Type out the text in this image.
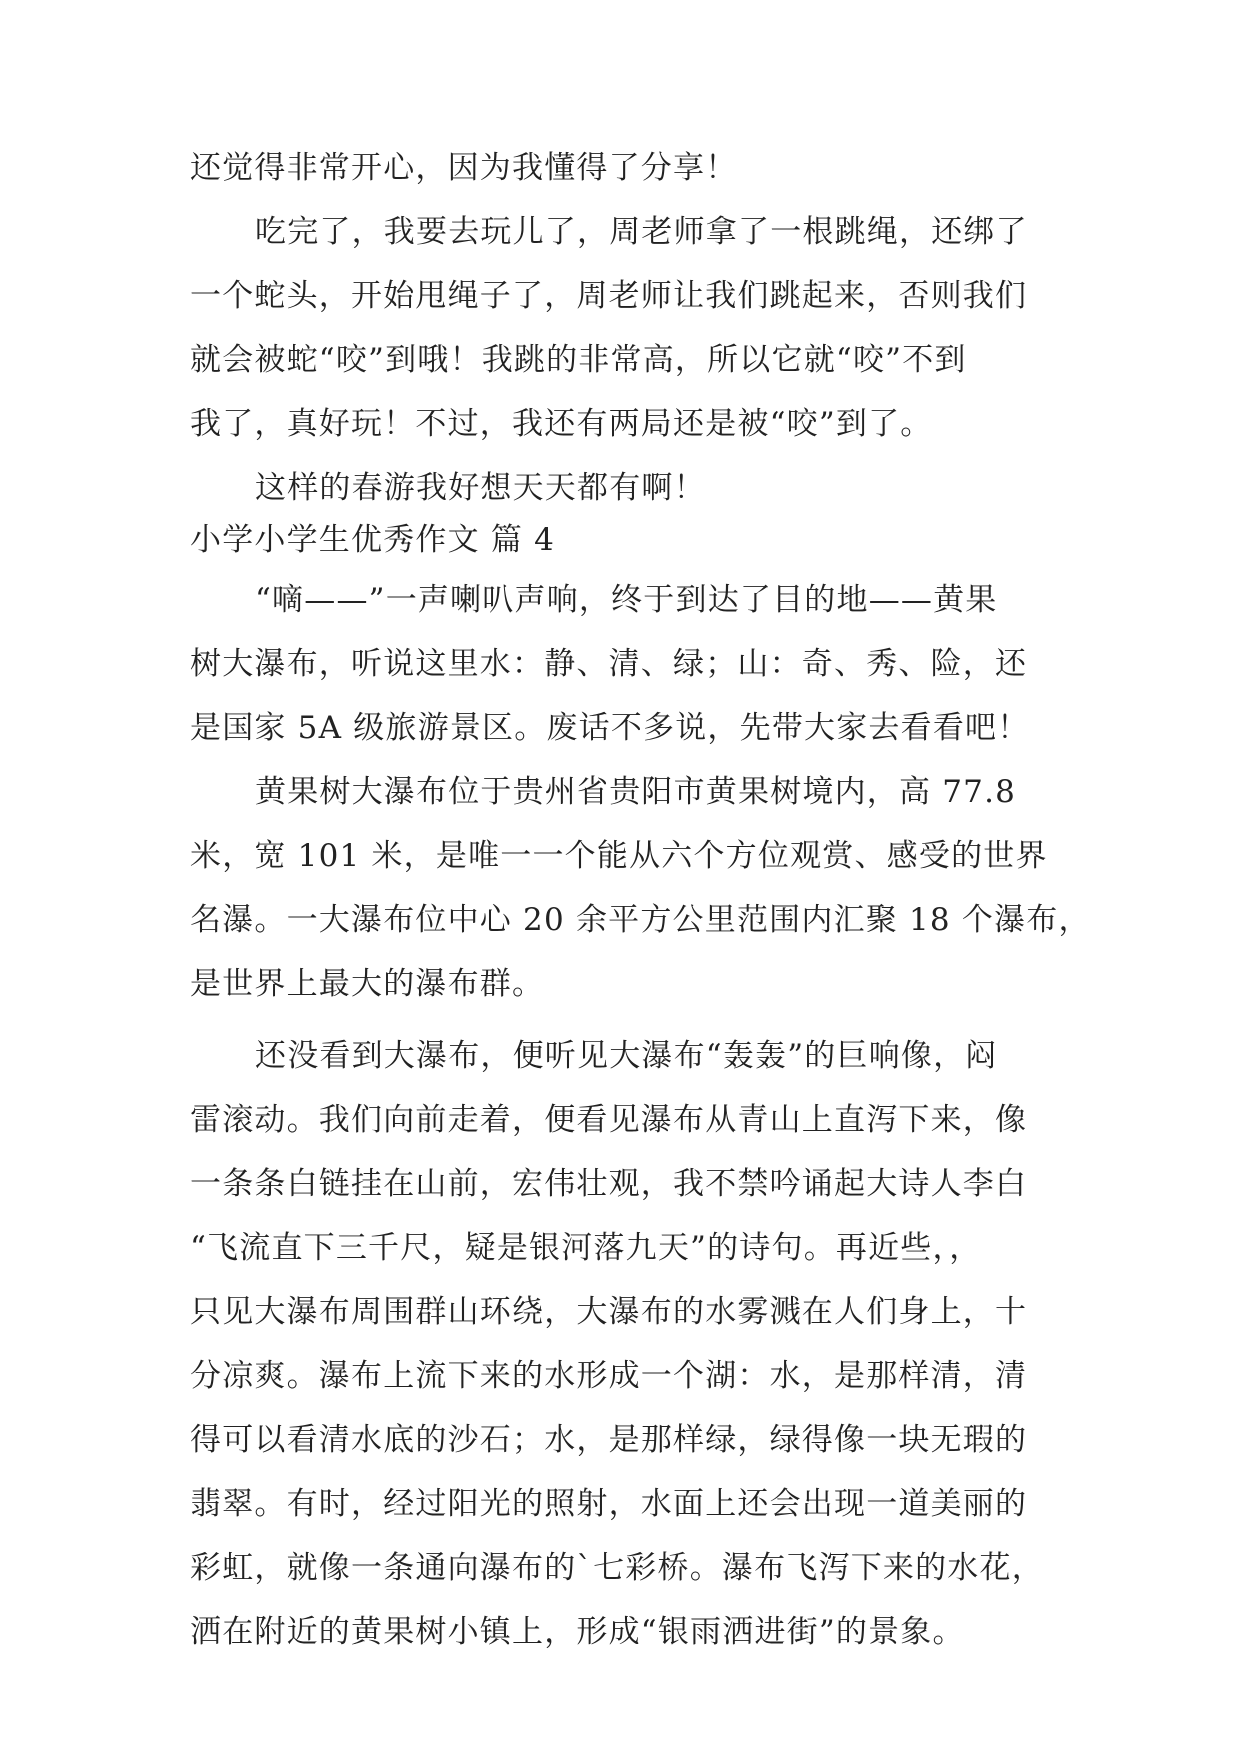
还觉得非常开心，因为我懂得了分享！
吃完了，我要去玩儿了，周老师拿了一根跳绳，还绑了
一个蛇头，开始甩绳子了，周老师让我们跳起来，否则我们
就会被蛇“咬”到哦！我跳的非常高，所以它就“咬”不到
我了，真好玩！不过，我还有两局还是被“咬”到了。
这样的春游我好想天天都有啊！
小学小学生优秀作文 篇 4
“嘀——”一声喇叭声响，终于到达了目的地——黄果
树大瀑布，听说这里水：静、清、绿；山：奇、秀、险，还
是国家 5A 级旅游景区。废话不多说，先带大家去看看吧！
黄果树大瀑布位于贵州省贵阳市黄果树境内，高 77.8
米，宽 101 米，是唯一一个能从六个方位观赏、感受的世界
名瀑。一大瀑布位中心 20 余平方公里范围内汇聚 18 个瀑布，
是世界上最大的瀑布群。
还没看到大瀑布，便听见大瀑布“轰轰”的巨响像，闷
雷滚动。我们向前走着，便看见瀑布从青山上直泻下来，像
一条条白链挂在山前，宏伟壮观，我不禁吟诵起大诗人李白
“飞流直下三千尺，疑是银河落九天”的诗句。再近些，，
只见大瀑布周围群山环绕，大瀑布的水雾溅在人们身上，十
分凉爽。瀑布上流下来的水形成一个湖：水，是那样清，清
得可以看清水底的沙石；水，是那样绿，绿得像一块无瑕的
翡翠。有时，经过阳光的照射，水面上还会出现一道美丽的
彩虹，就像一条通向瀑布的`七彩桥。瀑布飞泻下来的水花，
洒在附近的黄果树小镇上，形成“银雨洒进街”的景象。
